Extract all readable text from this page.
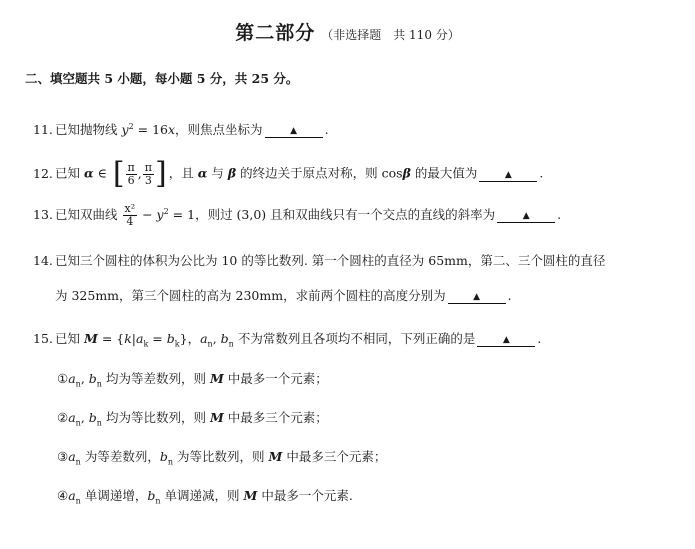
第二部分 （非选择题　共 110 分）
二、填空题共 5 小题，每小题 5 分，共 25 分。
11. 已知抛物线 $y^2 = 16x$，则焦点坐标为	▲ .
12. 已知 α ∈ [ $\frac{\pi}{6}$ , $\frac{\pi}{3}$ ] ，且 α 与 β 的终边关于原点对称，则 cosβ 的最大值为	▲ .
13. 已知双曲线 $\frac{\text{x²}}{4} - y^2 = 1$，则过 (3,0) 且和双曲线只有一个交点的直线的斜率为	▲ .
14. 已知三个圆柱的体积为公比为 10 的等比数列. 第一个圆柱的直径为 65mm，第二、三个圆柱的直径
为 325mm，第三个圆柱的高为 230mm，求前两个圆柱的高度分别为	▲ .
15. 已知 $M = \{k|a_k = b_k\}$，$a_n$, $b_n$ 不为常数列且各项均不相同，下列正确的是	▲ .
$①a_n$, $b_n$ 均为等差数列，则 M 中最多一个元素；
$②a_n$, $b_n$ 均为等比数列，则 M 中最多三个元素；
$③a_n$ 为等差数列，$b_n$ 为等比数列，则 M 中最多三个元素；
$④a_n$ 单调递增，$b_n$ 单调递减，则 M 中最多一个元素.
